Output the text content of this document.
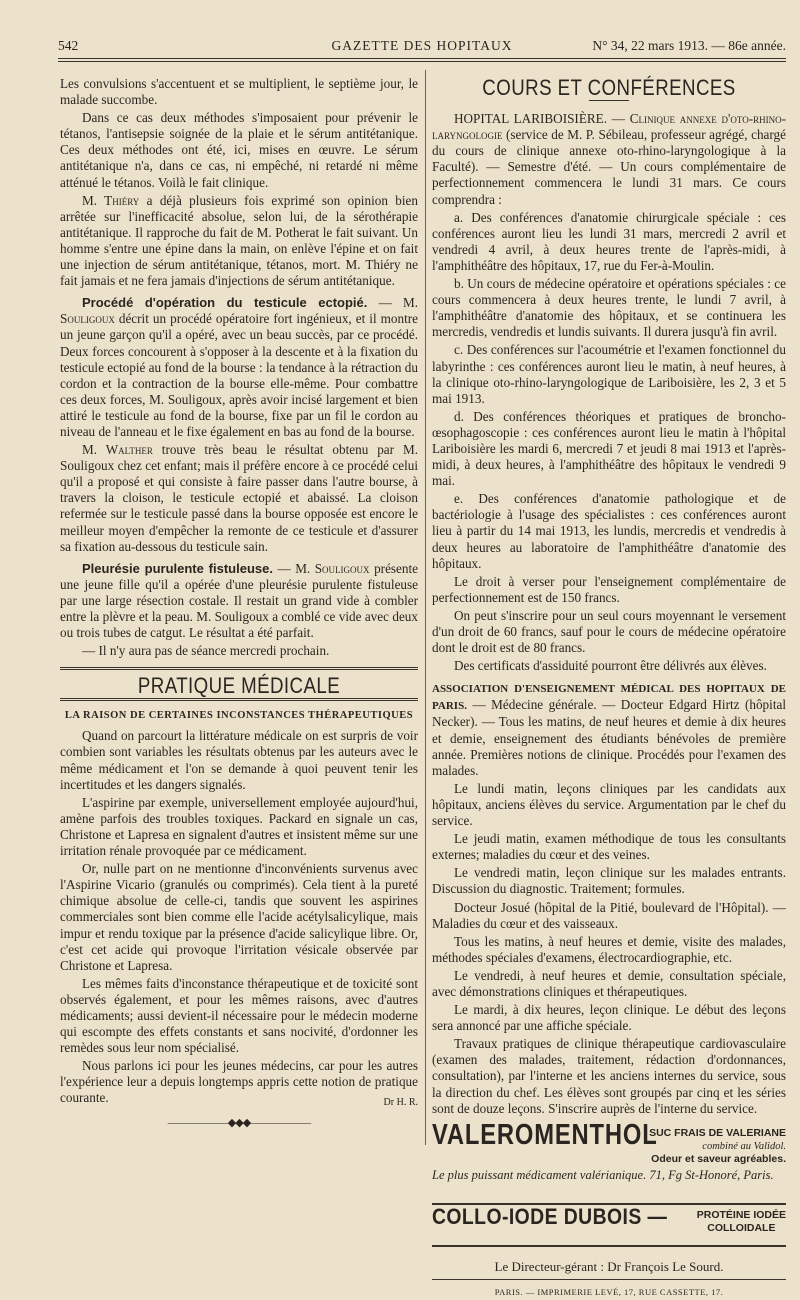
542	GAZETTE DES HOPITAUX	N° 34, 22 mars 1913. — 86e année.

Les convulsions s'accentuent et se multiplient, le septième jour, le malade succombe.

Dans ce cas deux méthodes s'imposaient pour prévenir le tétanos, l'antisepsie soignée de la plaie et le sérum antitétanique. Ces deux méthodes ont été, ici, mises en œuvre. Le sérum antitétanique n'a, dans ce cas, ni empêché, ni retardé ni même atténué le tétanos. Voilà le fait clinique.

M. Thiéry a déjà plusieurs fois exprimé son opinion bien arrêtée sur l'inefficacité absolue, selon lui, de la sérothérapie antitétanique. Il rapproche du fait de M. Potherat le fait suivant. Un homme s'entre une épine dans la main, on enlève l'épine et on fait une injection de sérum antitétanique, tétanos, mort. M. Thiéry ne fait jamais et ne fera jamais d'injections de sérum antitétanique.

Procédé d'opération du testicule ectopié. — M. Souligoux décrit un procédé opératoire fort ingénieux, et il montre un jeune garçon qu'il a opéré, avec un beau succès, par ce procédé. Deux forces concourent à s'opposer à la descente et à la fixation du testicule ectopié au fond de la bourse : la tendance à la rétraction du cordon et la contraction de la bourse elle-même. Pour combattre ces deux forces, M. Souligoux, après avoir incisé largement et bien attiré le testicule au fond de la bourse, fixe par un fil le cordon au niveau de l'anneau et le fixe également en bas au fond de la bourse.

M. Walther trouve très beau le résultat obtenu par M. Souligoux chez cet enfant; mais il préfère encore à ce procédé celui qu'il a proposé et qui consiste à faire passer dans l'autre bourse, à travers la cloison, le testicule ectopié et abaissé. La cloison refermée sur le testicule passé dans la bourse opposée est encore le meilleur moyen d'empêcher la remonte de ce testicule et d'assurer sa fixation au-dessous du testicule sain.

Pleurésie purulente fistuleuse. — M. Souligoux présente une jeune fille qu'il a opérée d'une pleurésie purulente fistuleuse par une large résection costale. Il restait un grand vide à combler entre la plèvre et la peau. M. Souligoux a comblé ce vide avec deux ou trois tubes de catgut. Le résultat a été parfait.

— Il n'y aura pas de séance mercredi prochain.

PRATIQUE MÉDICALE
LA RAISON DE CERTAINES INCONSTANCES THÉRAPEUTIQUES

Quand on parcourt la littérature médicale on est surpris de voir combien sont variables les résultats obtenus par les auteurs avec le même médicament et l'on se demande à quoi peuvent tenir les incertitudes et les dangers signalés.

L'aspirine par exemple, universellement employée aujourd'hui, amène parfois des troubles toxiques. Packard en signale un cas, Christone et Lapresa en signalent d'autres et insistent même sur une irritation rénale provoquée par ce médicament.

Or, nulle part on ne mentionne d'inconvénients survenus avec l'Aspirine Vicario (granulés ou comprimés). Cela tient à la pureté chimique absolue de celle-ci, tandis que souvent les aspirines commerciales sont bien comme elle l'acide acétylsalicylique, mais impur et rendu toxique par la présence d'acide salicylique libre. Or, c'est cet acide qui provoque l'irritation vésicale observée par Christone et Lapresa.

Les mêmes faits d'inconstance thérapeutique et de toxicité sont observés également, et pour les mêmes raisons, avec d'autres médicaments; aussi devient-il nécessaire pour le médecin moderne qui escompte des effets constants et sans nocivité, d'ordonner les remèdes sous leur nom spécialisé.

Nous parlons ici pour les jeunes médecins, car pour les autres l'expérience leur a depuis longtemps appris cette notion de pratique courante.	Dr H. R.
——————◆◆◆——————
COURS ET CONFÉRENCES

HOPITAL LARIBOISIÈRE. — Clinique annexe d'oto-rhino-laryngologie (service de M. P. Sébileau, professeur agrégé, chargé du cours de clinique annexe oto-rhino-laryngologique à la Faculté). — Semestre d'été. — Un cours complémentaire de perfectionnement commencera le lundi 31 mars. Ce cours comprendra :

a. Des conférences d'anatomie chirurgicale spéciale : ces conférences auront lieu les lundi 31 mars, mercredi 2 avril et vendredi 4 avril, à deux heures trente de l'après-midi, à l'amphithéâtre des hôpitaux, 17, rue du Fer-à-Moulin.

b. Un cours de médecine opératoire et opérations spéciales : ce cours commencera à deux heures trente, le lundi 7 avril, à l'amphithéâtre d'anatomie des hôpitaux, et se continuera les mercredis, vendredis et lundis suivants. Il durera jusqu'à fin avril.

c. Des conférences sur l'acoumétrie et l'examen fonctionnel du labyrinthe : ces conférences auront lieu le matin, à neuf heures, à la clinique oto-rhino-laryngologique de Lariboisière, les 2, 3 et 5 mai 1913.

d. Des conférences théoriques et pratiques de broncho-œsophagoscopie : ces conférences auront lieu le matin à l'hôpital Lariboisière les mardi 6, mercredi 7 et jeudi 8 mai 1913 et l'après-midi, à deux heures, à l'amphithéâtre des hôpitaux le vendredi 9 mai.

e. Des conférences d'anatomie pathologique et de bactériologie à l'usage des spécialistes : ces conférences auront lieu à partir du 14 mai 1913, les lundis, mercredis et vendredis à deux heures au laboratoire de l'amphithéâtre d'anatomie des hôpitaux.

Le droit à verser pour l'enseignement complémentaire de perfectionnement est de 150 francs.

On peut s'inscrire pour un seul cours moyennant le versement d'un droit de 60 francs, sauf pour le cours de médecine opératoire dont le droit est de 80 francs.

Des certificats d'assiduité pourront être délivrés aux élèves.

ASSOCIATION D'ENSEIGNEMENT MÉDICAL DES HOPITAUX DE PARIS. — Médecine générale. — Docteur Edgard Hirtz (hôpital Necker). — Tous les matins, de neuf heures et demie à dix heures et demie, enseignement des étudiants bénévoles de première année. Premières notions de clinique. Procédés pour l'examen des malades.

Le lundi matin, leçons cliniques par les candidats aux hôpitaux, anciens élèves du service. Argumentation par le chef du service.

Le jeudi matin, examen méthodique de tous les consultants externes; maladies du cœur et des veines.

Le vendredi matin, leçon clinique sur les malades entrants. Discussion du diagnostic. Traitement; formules.

Docteur Josué (hôpital de la Pitié, boulevard de l'Hôpital). — Maladies du cœur et des vaisseaux.

Tous les matins, à neuf heures et demie, visite des malades, méthodes spéciales d'examens, électrocardiographie, etc.

Le vendredi, à neuf heures et demie, consultation spéciale, avec démonstrations cliniques et thérapeutiques.

Le mardi, à dix heures, leçon clinique. Le début des leçons sera annoncé par une affiche spéciale.

Travaux pratiques de clinique thérapeutique cardiovasculaire (examen des malades, traitement, rédaction d'ordonnances, consultation), par l'interne et les anciens internes du service, sous la direction du chef. Les élèves sont groupés par cinq et les séries sont de douze leçons. S'inscrire auprès de l'interne du service.

VALEROMENTHOL
SUC FRAIS DE VALERIANE
combiné au Validol.
Odeur et saveur agréables.
Le plus puissant médicament valérianique. 71, Fg St-Honoré, Paris.
COLLO-IODE DUBOIS —	PROTÉINE IODÉE
COLLOIDALE
Le Directeur-gérant : Dr François Le Sourd.
PARIS. — IMPRIMERIE LEVÉ, 17, RUE CASSETTE, 17.
